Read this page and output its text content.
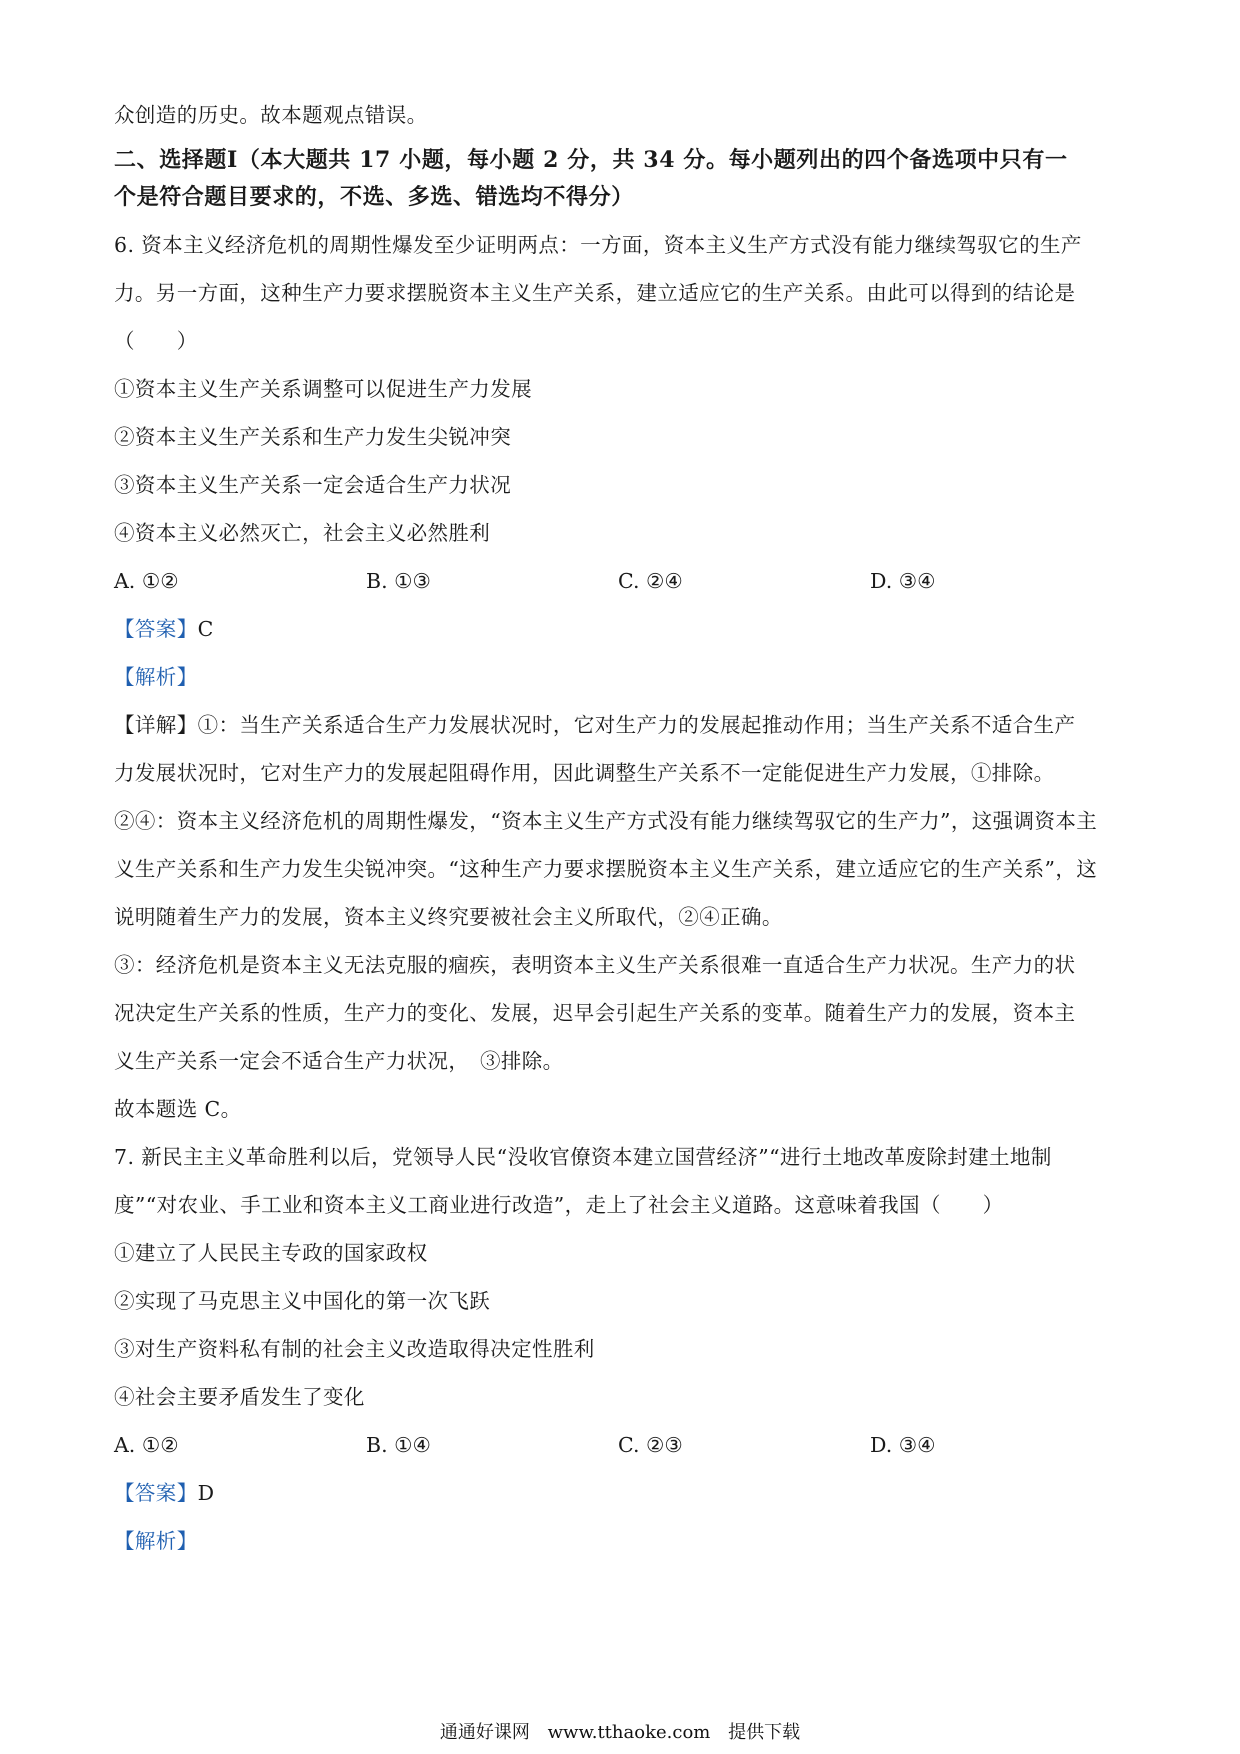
众创造的历史。故本题观点错误。
二、选择题Ⅰ（本大题共 17 小题，每小题 2 分，共 34 分。每小题列出的四个备选项中只有一
个是符合题目要求的，不选、多选、错选均不得分）
6. 资本主义经济危机的周期性爆发至少证明两点：一方面，资本主义生产方式没有能力继续驾驭它的生产
力。另一方面，这种生产力要求摆脱资本主义生产关系，建立适应它的生产关系。由此可以得到的结论是
（　　）
①资本主义生产关系调整可以促进生产力发展
②资本主义生产关系和生产力发生尖锐冲突
③资本主义生产关系一定会适合生产力状况
④资本主义必然灭亡，社会主义必然胜利
A. ①②	B. ①③	C. ②④	D. ③④
【答案】C
【解析】
【详解】①：当生产关系适合生产力发展状况时，它对生产力的发展起推动作用；当生产关系不适合生产
力发展状况时，它对生产力的发展起阻碍作用，因此调整生产关系不一定能促进生产力发展，①排除。
②④：资本主义经济危机的周期性爆发，“资本主义生产方式没有能力继续驾驭它的生产力”，这强调资本主
义生产关系和生产力发生尖锐冲突。“这种生产力要求摆脱资本主义生产关系，建立适应它的生产关系”，这
说明随着生产力的发展，资本主义终究要被社会主义所取代，②④正确。
③：经济危机是资本主义无法克服的痼疾，表明资本主义生产关系很难一直适合生产力状况。生产力的状
况决定生产关系的性质，生产力的变化、发展，迟早会引起生产关系的变革。随着生产力的发展，资本主
义生产关系一定会不适合生产力状况，　③排除。
故本题选 C。
7. 新民主主义革命胜利以后，党领导人民“没收官僚资本建立国营经济”“进行土地改革废除封建土地制
度”“对农业、手工业和资本主义工商业进行改造”，走上了社会主义道路。这意味着我国（　　）
①建立了人民民主专政的国家政权
②实现了马克思主义中国化的第一次飞跃
③对生产资料私有制的社会主义改造取得决定性胜利
④社会主要矛盾发生了变化
A. ①②	B. ①④	C. ②③	D. ③④
【答案】D
【解析】
通通好课网 www.tthaoke.com 提供下载
